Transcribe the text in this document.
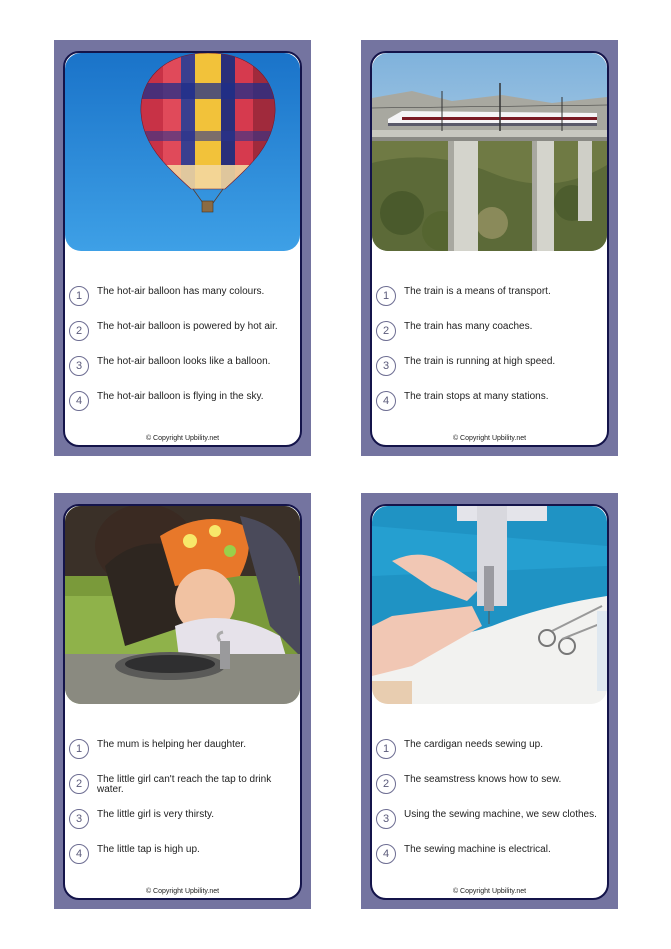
1	The hot-air balloon has many colours.
2	The hot-air balloon is powered by hot air.
3	The hot-air balloon looks like a balloon.
4	The hot-air balloon is flying in the sky.
© Copyright Upbility.net
1	The train is a means of transport.
2	The train has many coaches.
3	The train is running at high speed.
4	The train stops at many stations.
© Copyright Upbility.net
1	The mum is helping her daughter.
2	The little girl can't reach the tap to drink water.
3	The little girl is very thirsty.
4	The little tap is high up.
© Copyright Upbility.net
1	The cardigan needs sewing up.
2	The seamstress knows how to sew.
3	Using the sewing machine, we sew clothes.
4	The sewing machine is electrical.
© Copyright Upbility.net
